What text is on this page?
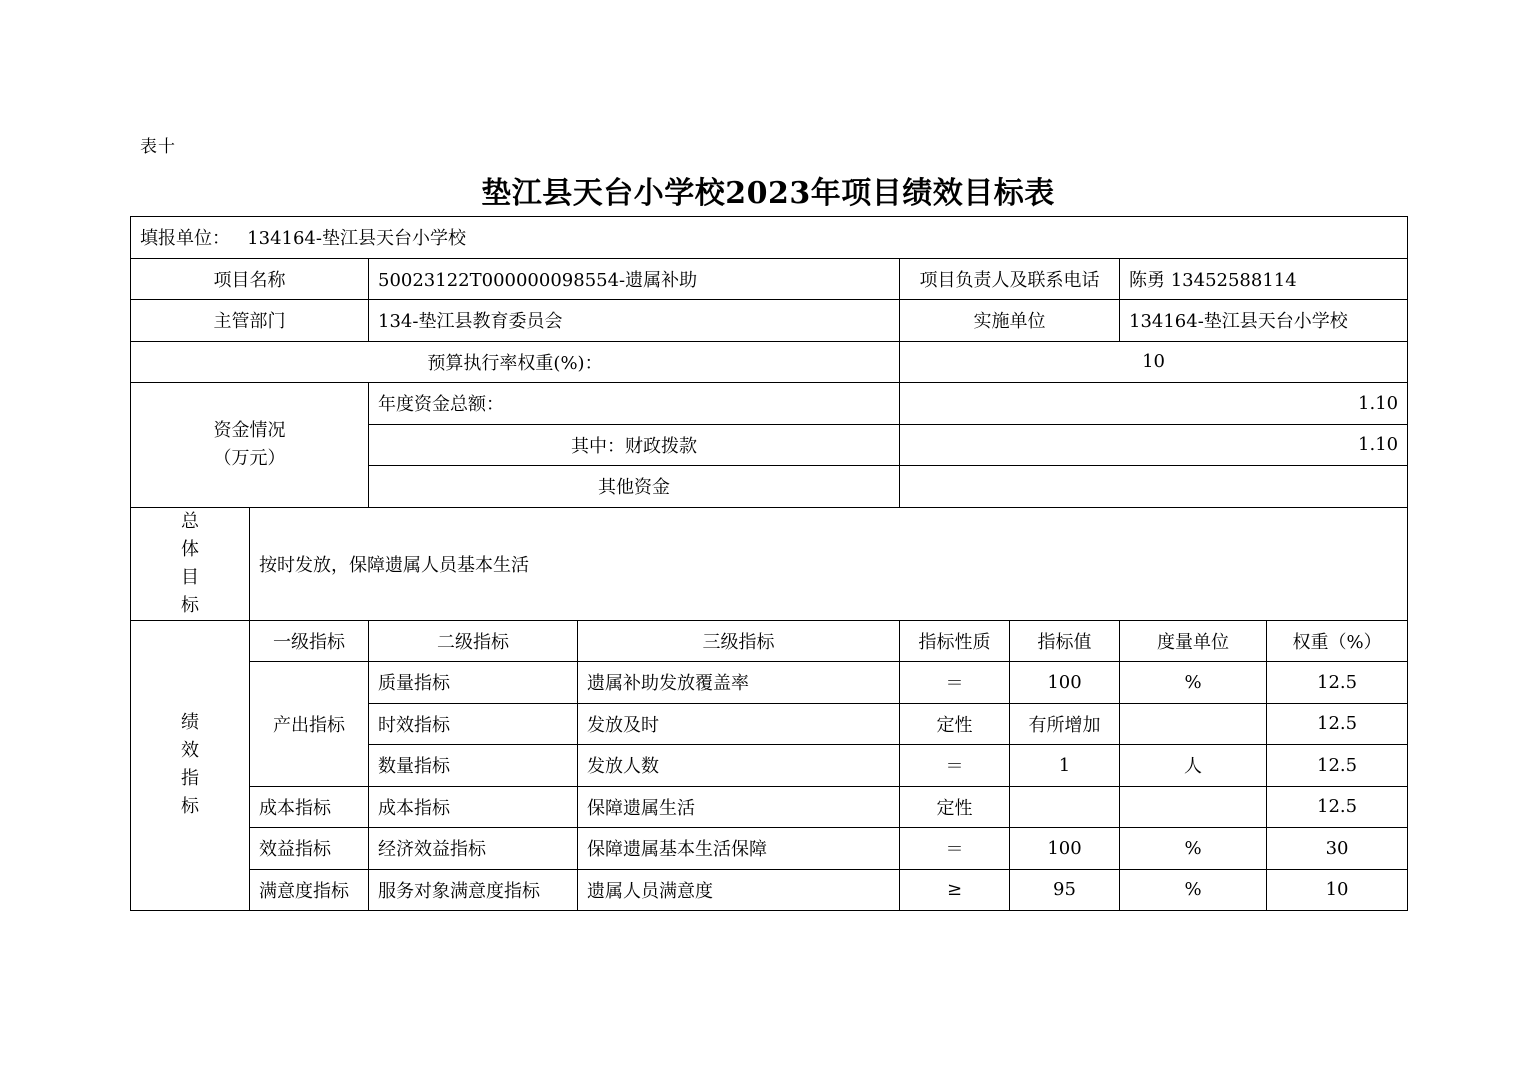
表十
垫江县天台小学校2023年项目绩效目标表
填报单位： 134164-垫江县天台小学校							
项目名称		50023122T000000098554-遗属补助		项目负责人及联系电话		陈勇 13452588114	
主管部门		134-垫江县教育委员会		实施单位		134164-垫江县天台小学校	
预算执行率权重(%)：				10			
资金情况
（万元）		年度资金总额：		1.10			
		其中：财政拨款		1.10			
		其他资金					

总
体
目
标	按时发放，保障遗属人员基本生活						

绩
效
指
标	一级指标	二级指标	三级指标	指标性质	指标值	度量单位	权重（%）
	产出指标	质量指标	遗属补助发放覆盖率	＝	100	%	12.5
		时效指标	发放及时	定性	有所增加		12.5
		数量指标	发放人数	＝	1	人	12.5
	成本指标	成本指标	保障遗属生活	定性			12.5
	效益指标	经济效益指标	保障遗属基本生活保障	＝	100	%	30
	满意度指标	服务对象满意度指标	遗属人员满意度	≥	95	%	10
